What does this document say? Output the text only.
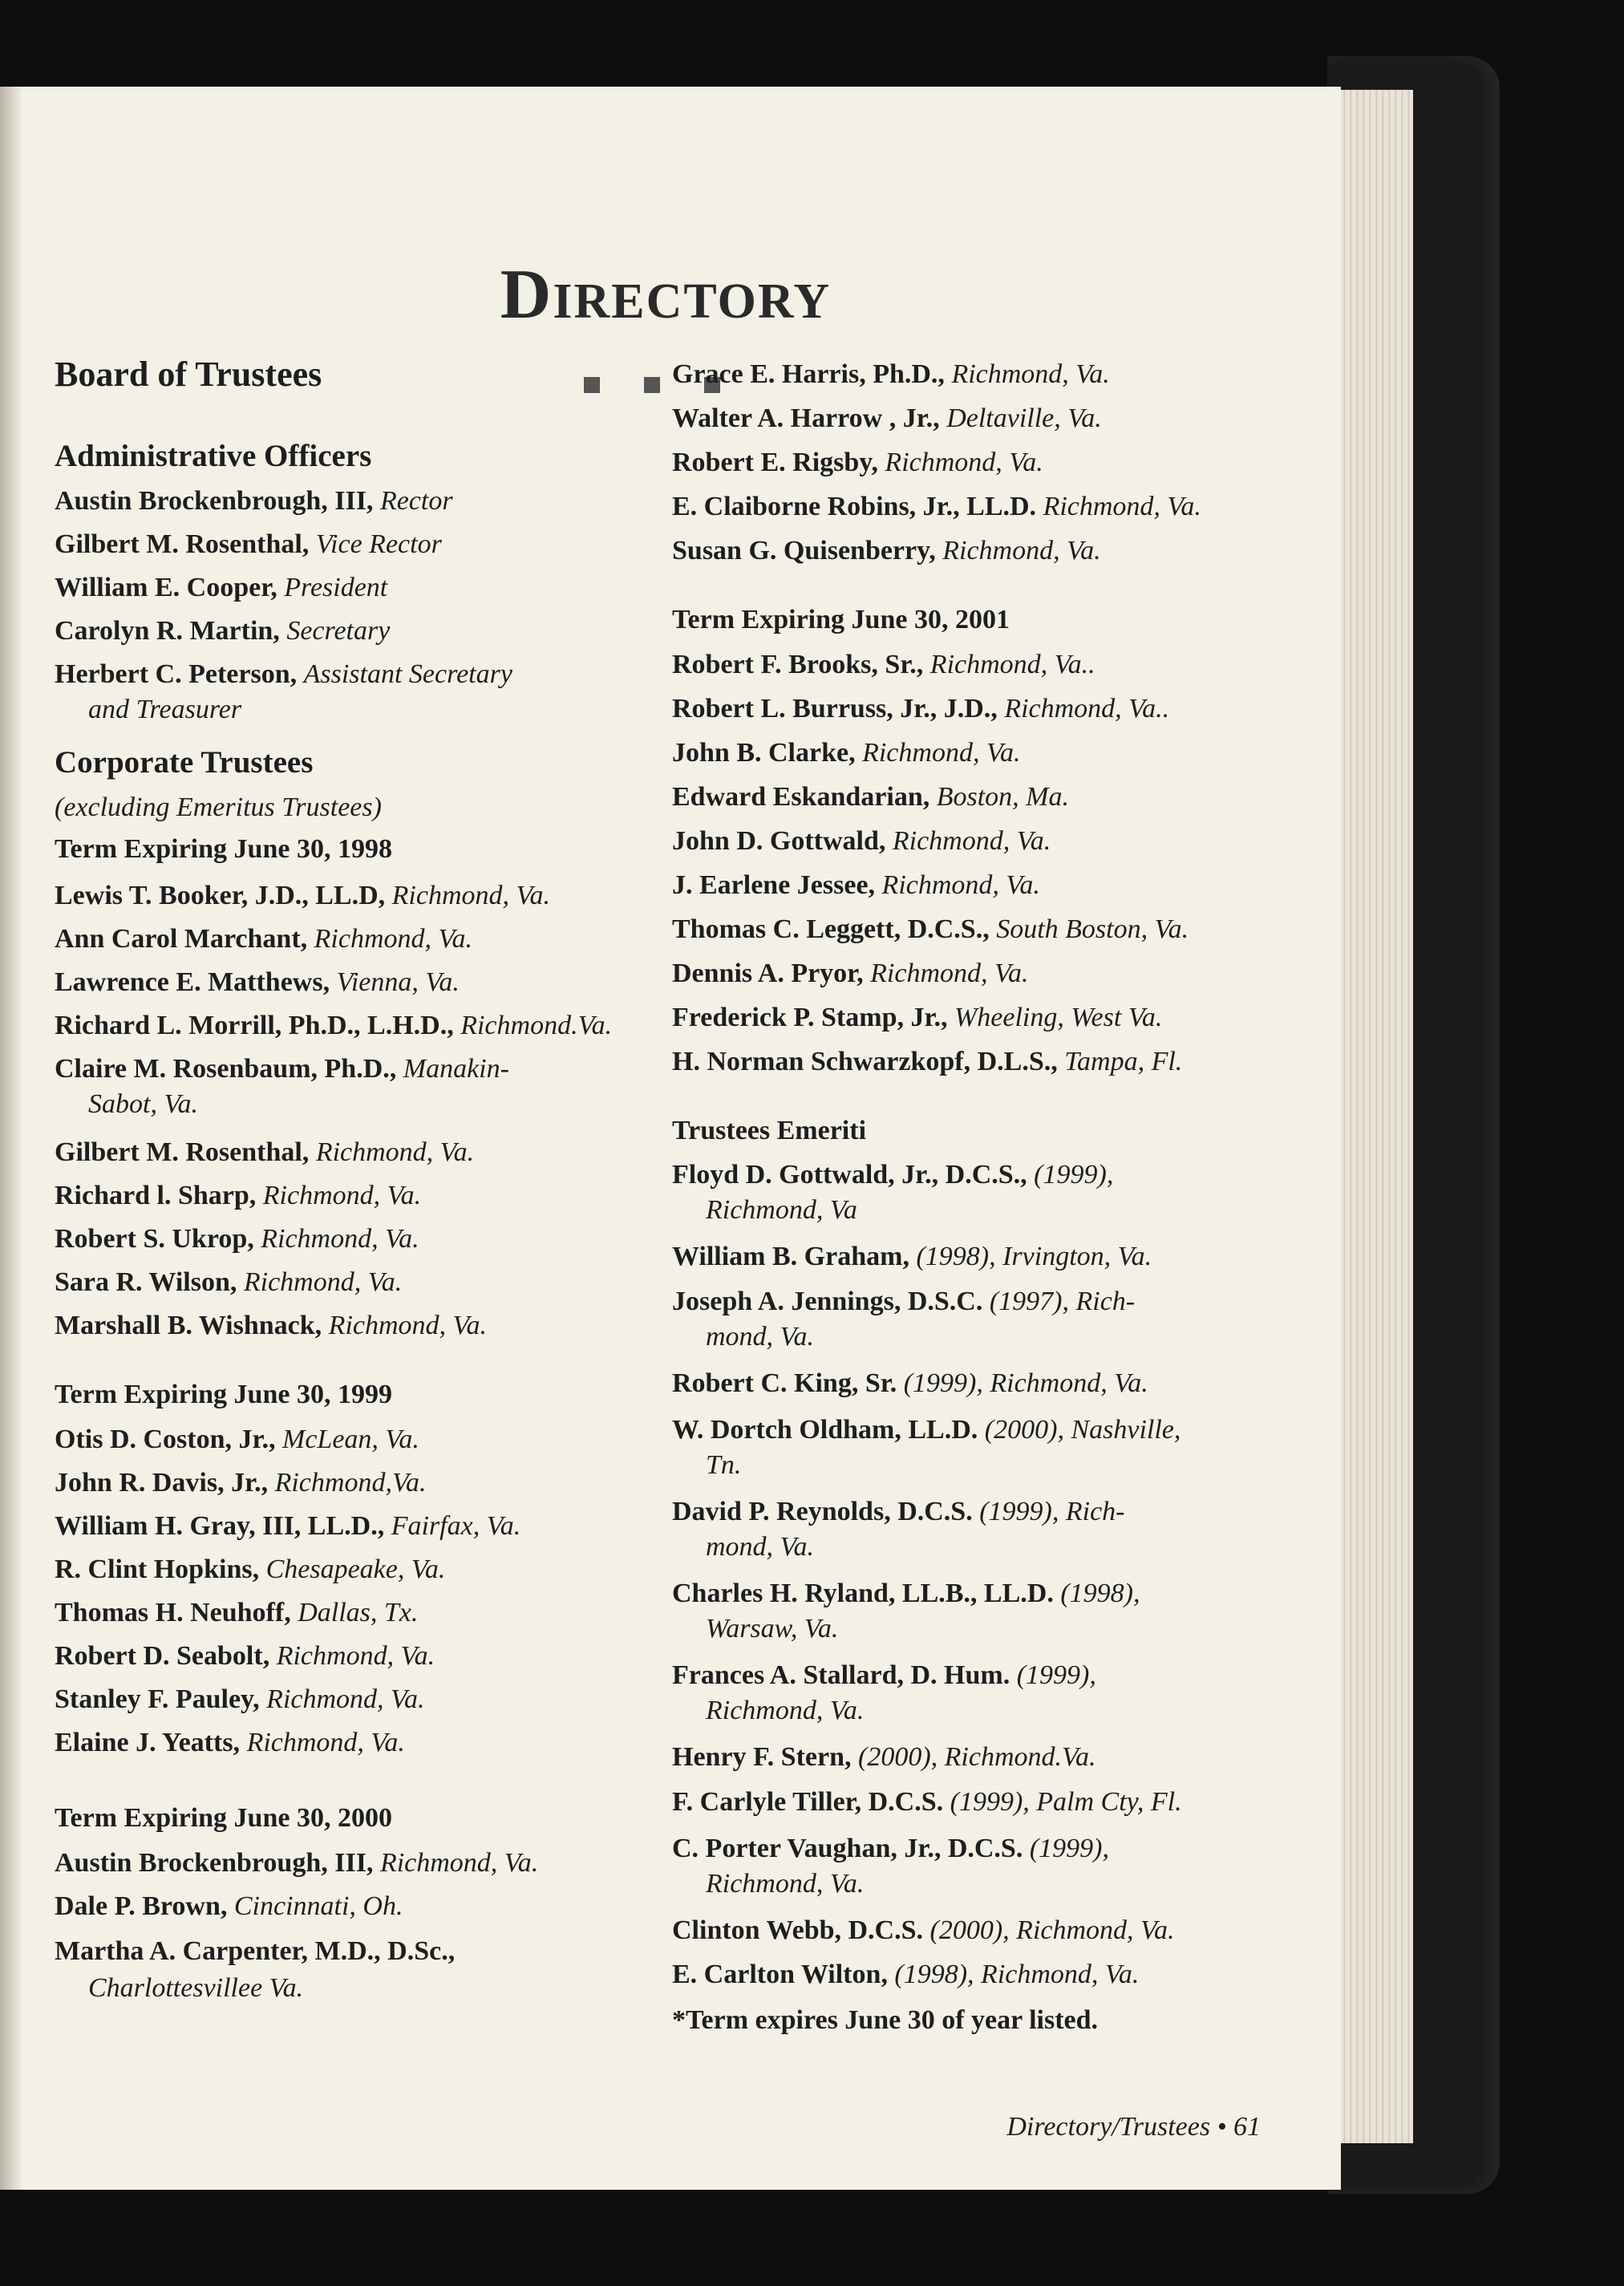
Directory
Board of Trustees
Administrative Officers
Austin Brockenbrough, III, Rector
Gilbert M. Rosenthal, Vice Rector
William E. Cooper, President
Carolyn R. Martin, Secretary
Herbert C. Peterson, Assistant Secretary
and Treasurer
Corporate Trustees
(excluding Emeritus Trustees)
Term Expiring June 30, 1998
Lewis T. Booker, J.D., LL.D, Richmond, Va.
Ann Carol Marchant, Richmond, Va.
Lawrence E. Matthews, Vienna, Va.
Richard L. Morrill, Ph.D., L.H.D., Richmond.Va.
Claire M. Rosenbaum, Ph.D., Manakin-
Sabot, Va.
Gilbert M. Rosenthal, Richmond, Va.
Richard l. Sharp, Richmond, Va.
Robert S. Ukrop, Richmond, Va.
Sara R. Wilson, Richmond, Va.
Marshall B. Wishnack, Richmond, Va.
Term Expiring June 30, 1999
Otis D. Coston, Jr., McLean, Va.
John R. Davis, Jr., Richmond,Va.
William H. Gray, III, LL.D., Fairfax, Va.
R. Clint Hopkins, Chesapeake, Va.
Thomas H. Neuhoff, Dallas, Tx.
Robert D. Seabolt, Richmond, Va.
Stanley F. Pauley, Richmond, Va.
Elaine J. Yeatts, Richmond, Va.
Term Expiring June 30, 2000
Austin Brockenbrough, III, Richmond, Va.
Dale P. Brown, Cincinnati, Oh.
Martha A. Carpenter, M.D., D.Sc.,
Charlottesvillee Va.
Grace E. Harris, Ph.D., Richmond, Va.
Walter A. Harrow , Jr., Deltaville, Va.
Robert E. Rigsby, Richmond, Va.
E. Claiborne Robins, Jr., LL.D. Richmond, Va.
Susan G. Quisenberry, Richmond, Va.
Term Expiring June 30, 2001
Robert F. Brooks, Sr., Richmond, Va..
Robert L. Burruss, Jr., J.D., Richmond, Va..
John B. Clarke, Richmond, Va.
Edward Eskandarian, Boston, Ma.
John D. Gottwald, Richmond, Va.
J. Earlene Jessee, Richmond, Va.
Thomas C. Leggett, D.C.S., South Boston, Va.
Dennis A. Pryor, Richmond, Va.
Frederick P. Stamp, Jr., Wheeling, West Va.
H. Norman Schwarzkopf, D.L.S., Tampa, Fl.
Trustees Emeriti
Floyd D. Gottwald, Jr., D.C.S., (1999),
Richmond, Va
William B. Graham, (1998), Irvington, Va.
Joseph A. Jennings, D.S.C. (1997), Rich-
mond, Va.
Robert C. King, Sr. (1999), Richmond, Va.
W. Dortch Oldham, LL.D. (2000), Nashville,
Tn.
David P. Reynolds, D.C.S. (1999), Rich-
mond, Va.
Charles H. Ryland, LL.B., LL.D. (1998),
Warsaw, Va.
Frances A. Stallard, D. Hum. (1999),
Richmond, Va.
Henry F. Stern, (2000), Richmond.Va.
F. Carlyle Tiller, D.C.S. (1999), Palm Cty, Fl.
C. Porter Vaughan, Jr., D.C.S. (1999),
Richmond, Va.
Clinton Webb, D.C.S. (2000), Richmond, Va.
E. Carlton Wilton, (1998), Richmond, Va.
*Term expires June 30 of year listed.
Directory/Trustees • 61
